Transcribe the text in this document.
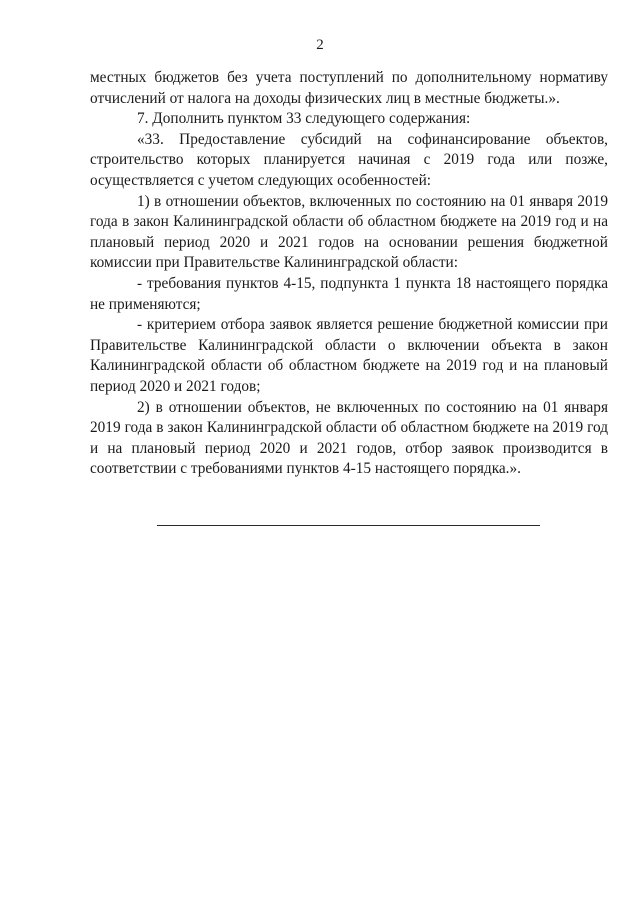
2

местных бюджетов без учета поступлений по дополнительному нормативу отчислений от налога на доходы физических лиц в местные бюджеты.».

7. Дополнить пунктом 33 следующего содержания:

«33. Предоставление субсидий на софинансирование объектов, строительство которых планируется начиная с 2019 года или позже, осуществляется с учетом следующих особенностей:

1) в отношении объектов, включенных по состоянию на 01 января 2019 года в закон Калининградской области об областном бюджете на 2019 год и на плановый период 2020 и 2021 годов на основании решения бюджетной комиссии при Правительстве Калининградской области:

- требования пунктов 4-15, подпункта 1 пункта 18 настоящего порядка не применяются;

- критерием отбора заявок является решение бюджетной комиссии при Правительстве Калининградской области о включении объекта в закон Калининградской области об областном бюджете на 2019 год и на плановый период 2020 и 2021 годов;

2) в отношении объектов, не включенных по состоянию на 01 января 2019 года в закон Калининградской области об областном бюджете на 2019 год и на плановый период 2020 и 2021 годов, отбор заявок производится в соответствии с требованиями пунктов 4-15 настоящего порядка.».
